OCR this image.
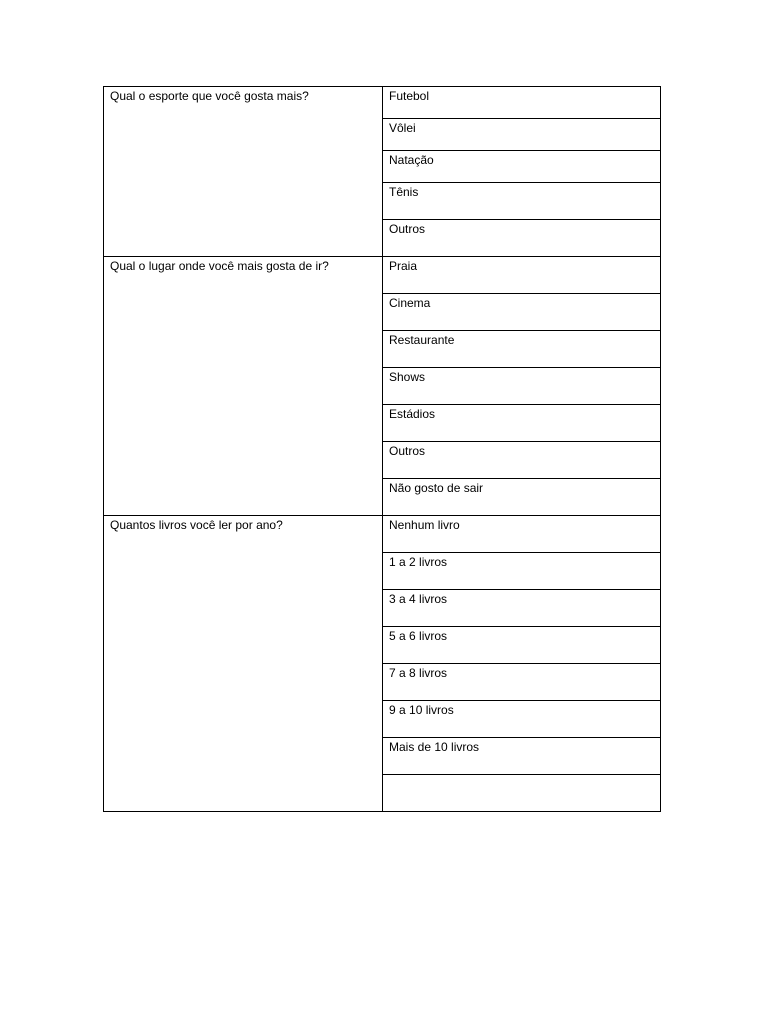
Qual o esporte que você gosta mais?	Futebol

	Vôlei

	Natação

	Tênis

	Outros

Qual o lugar onde você mais gosta de ir?	Praia

	Cinema

	Restaurante

	Shows

	Estádios

	Outros

	Não gosto de sair

Quantos livros você ler por ano?	Nenhum livro

	1 a 2 livros

	3 a 4 livros

	5 a 6 livros

	7 a 8 livros

	9 a 10 livros

	Mais de 10 livros
